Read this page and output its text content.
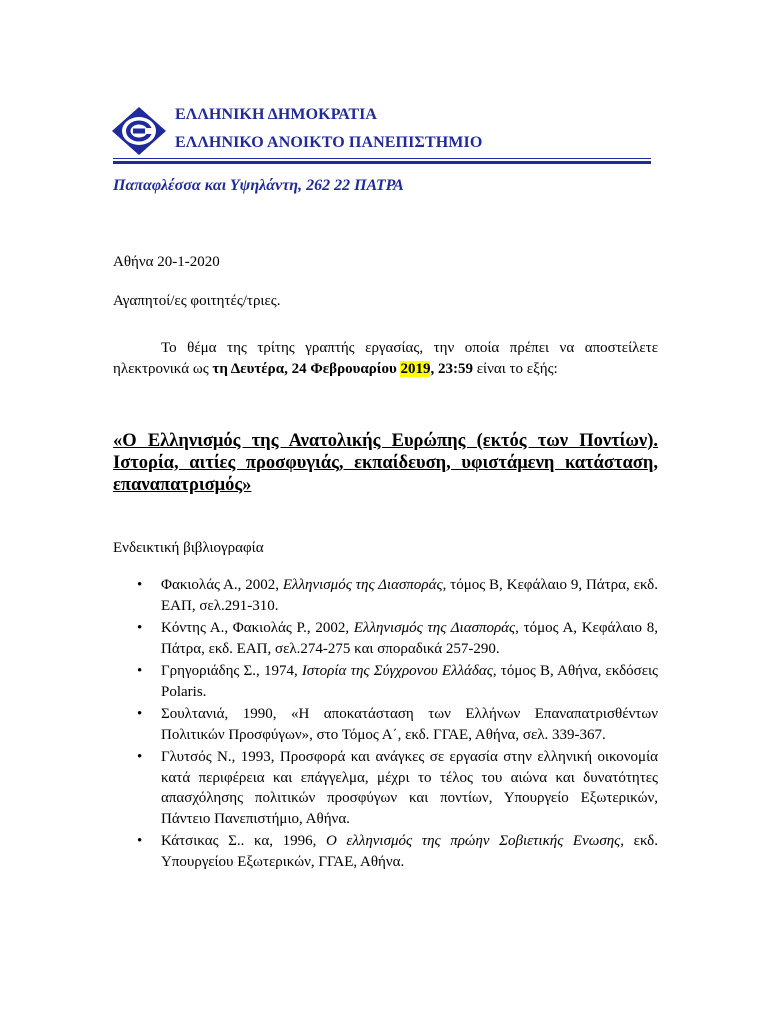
ΕΛΛΗΝΙΚΗ ΔΗΜΟΚΡΑΤΙΑ
ΕΛΛΗΝΙΚΟ ΑΝΟΙΚΤΟ ΠΑΝΕΠΙΣΤΗΜΙΟ
Παπαφλέσσα και Υψηλάντη, 262 22 ΠΑΤΡΑ
Αθήνα 20-1-2020
Αγαπητοί/ες φοιτητές/τριες.
Το θέμα της τρίτης γραπτής εργασίας, την οποία πρέπει να αποστείλετε ηλεκτρονικά ως τη Δευτέρα, 24 Φεβρουαρίου 2019, 23:59 είναι το εξής:
«Ο Ελληνισμός της Ανατολικής Ευρώπης (εκτός των Ποντίων). Ιστορία, αιτίες προσφυγιάς, εκπαίδευση, υφιστάμενη κατάσταση, επαναπατρισμός»
Ενδεικτική βιβλιογραφία
• Φακιολάς Α., 2002, Ελληνισμός της Διασποράς, τόμος Β, Κεφάλαιο 9, Πάτρα, εκδ. ΕΑΠ, σελ.291-310.
• Κόντης Α., Φακιολάς Ρ., 2002, Ελληνισμός της Διασποράς, τόμος Α, Κεφάλαιο 8, Πάτρα, εκδ. ΕΑΠ, σελ.274-275 και σποραδικά 257-290.
• Γρηγοριάδης Σ., 1974, Ιστορία της Σύγχρονου Ελλάδας, τόμος Β, Αθήνα, εκδόσεις Polaris.
• Σουλτανιά, 1990, «Η αποκατάσταση των Ελλήνων Επαναπατρισθέντων Πολιτικών Προσφύγων», στο Τόμος Α΄, εκδ. ΓΓΑΕ, Αθήνα, σελ. 339-367.
• Γλυτσός Ν., 1993, Προσφορά και ανάγκες σε εργασία στην ελληνική οικονομία κατά περιφέρεια και επάγγελμα, μέχρι το τέλος του αιώνα και δυνατότητες απασχόλησης πολιτικών προσφύγων και ποντίων, Υπουργείο Εξωτερικών, Πάντειο Πανεπιστήμιο, Αθήνα.
• Κάτσικας Σ.. κα, 1996, Ο ελληνισμός της πρώην Σοβιετικής Ενωσης, εκδ. Υπουργείου Εξωτερικών, ΓΓΑΕ, Αθήνα.
